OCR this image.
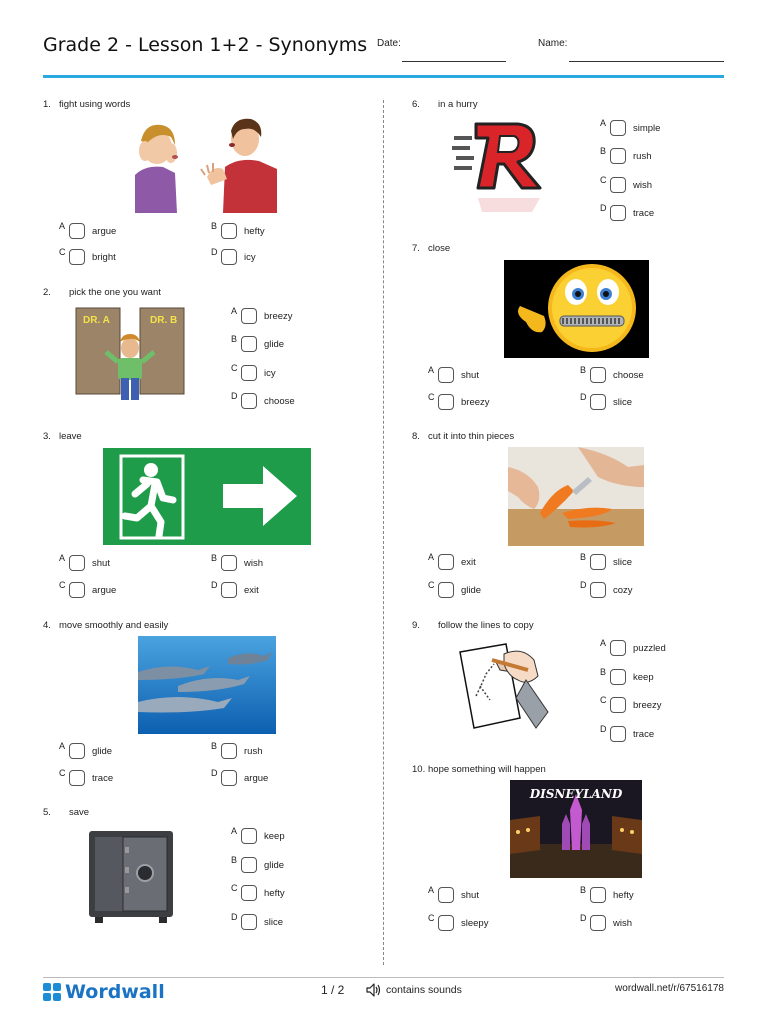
Grade 2 - Lesson 1+2 - Synonyms Date:	Name:
1. fight using words
A	argue	B	hefty
C	bright	D	icy
2. pick the one you want
DR. A	DR. B
A	breezy
B	glide
C	icy
D	choose
3. leave
A	shut	B	wish
C	argue	D	exit
4. move smoothly and easily
A	glide	B	rush
C	trace	D	argue
5. save
A	keep
B	glide
C	hefty
D	slice
6. in a hurry
A	simple
B	rush
C	wish
D	trace
7. close
A	shut	B	choose
C	breezy	D	slice
8. cut it into thin pieces
A	exit	B	slice
C	glide	D	cozy
9. follow the lines to copy
A	puzzled
B	keep
C	breezy
D	trace
10. hope something will happen
DISNEYLAND
A	shut	B	hefty
C	sleepy	D	wish
Wordwall	1 / 2	contains sounds	wordwall.net/r/67516178
